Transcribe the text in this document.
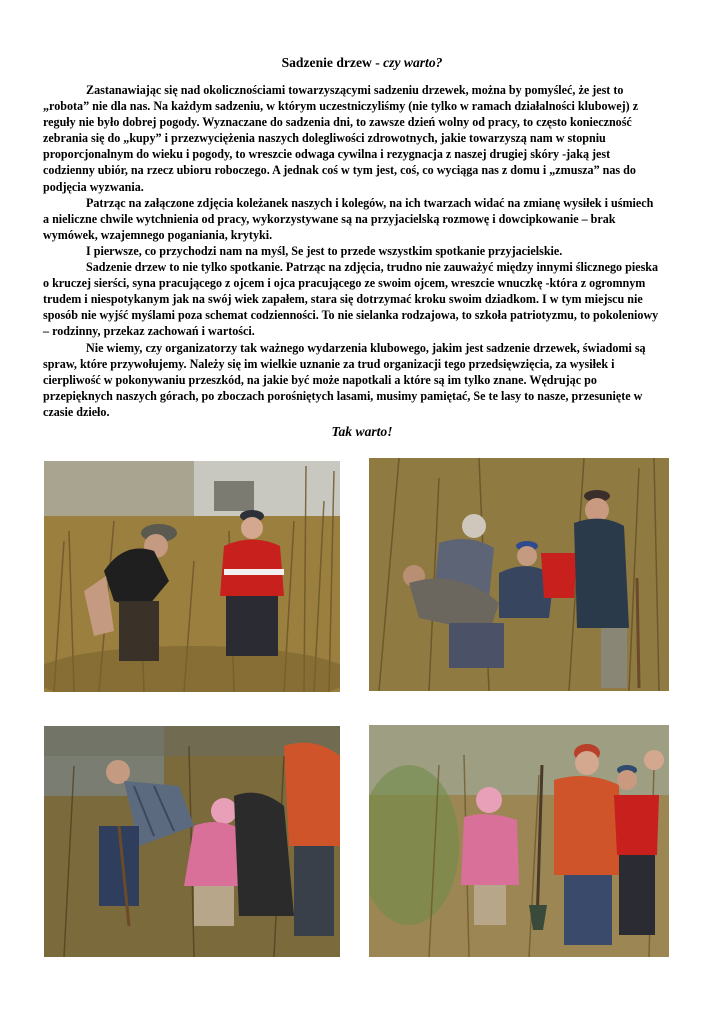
Sadzenie drzew - czy warto?

Zastanawiając się nad okolicznościami towarzyszącymi sadzeniu drzewek, można by pomyśleć, że jest to „robota” nie dla nas. Na każdym sadzeniu, w którym uczestniczyliśmy (nie tylko w ramach działalności klubowej) z reguły nie było dobrej pogody. Wyznaczane do sadzenia dni, to zawsze dzień wolny od pracy, to często konieczność zebrania się do „kupy” i przezwyciężenia naszych dolegliwości zdrowotnych, jakie towarzyszą nam w stopniu proporcjonalnym do wieku i pogody, to wreszcie odwaga cywilna i rezygnacja z naszej drugiej skóry -jaką jest codzienny ubiór, na rzecz ubioru roboczego. A jednak coś w tym jest, coś, co wyciąga nas z domu i „zmusza” nas do podjęcia wyzwania.

Patrząc na załączone zdjęcia koleżanek naszych i kolegów, na ich twarzach widać na zmianę wysiłek i uśmiech a nieliczne chwile wytchnienia od pracy, wykorzystywane są na przyjacielską rozmowę i dowcipkowanie – brak wymówek, wzajemnego poganiania, krytyki.

I pierwsze, co przychodzi nam na myśl, Se jest to przede wszystkim spotkanie przyjacielskie.

Sadzenie drzew to nie tylko spotkanie. Patrząc na zdjęcia, trudno nie zauważyć między innymi ślicznego pieska o kruczej sierści, syna pracującego z ojcem i ojca pracującego ze swoim ojcem, wreszcie wnuczkę -która z ogromnym trudem i niespotykanym jak na swój wiek zapałem, stara się dotrzymać kroku swoim dziadkom. I w tym miejscu nie sposób nie wyjść myślami poza schemat codzienności. To nie sielanka rodzajowa, to szkoła patriotyzmu, to pokoleniowy – rodzinny, przekaz zachowań i wartości.

Nie wiemy, czy organizatorzy tak ważnego wydarzenia klubowego, jakim jest sadzenie drzewek, świadomi są spraw, które przywołujemy. Należy się im wielkie uznanie za trud organizacji tego przedsięwzięcia, za wysiłek i cierpliwość w pokonywaniu przeszkód, na jakie być może napotkali a które są im tylko znane. Wędrując po przepięknych naszych górach, po zboczach porośniętych lasami, musimy pamiętać, Se te lasy to nasze, przesunięte w czasie dzieło.

Tak warto!
